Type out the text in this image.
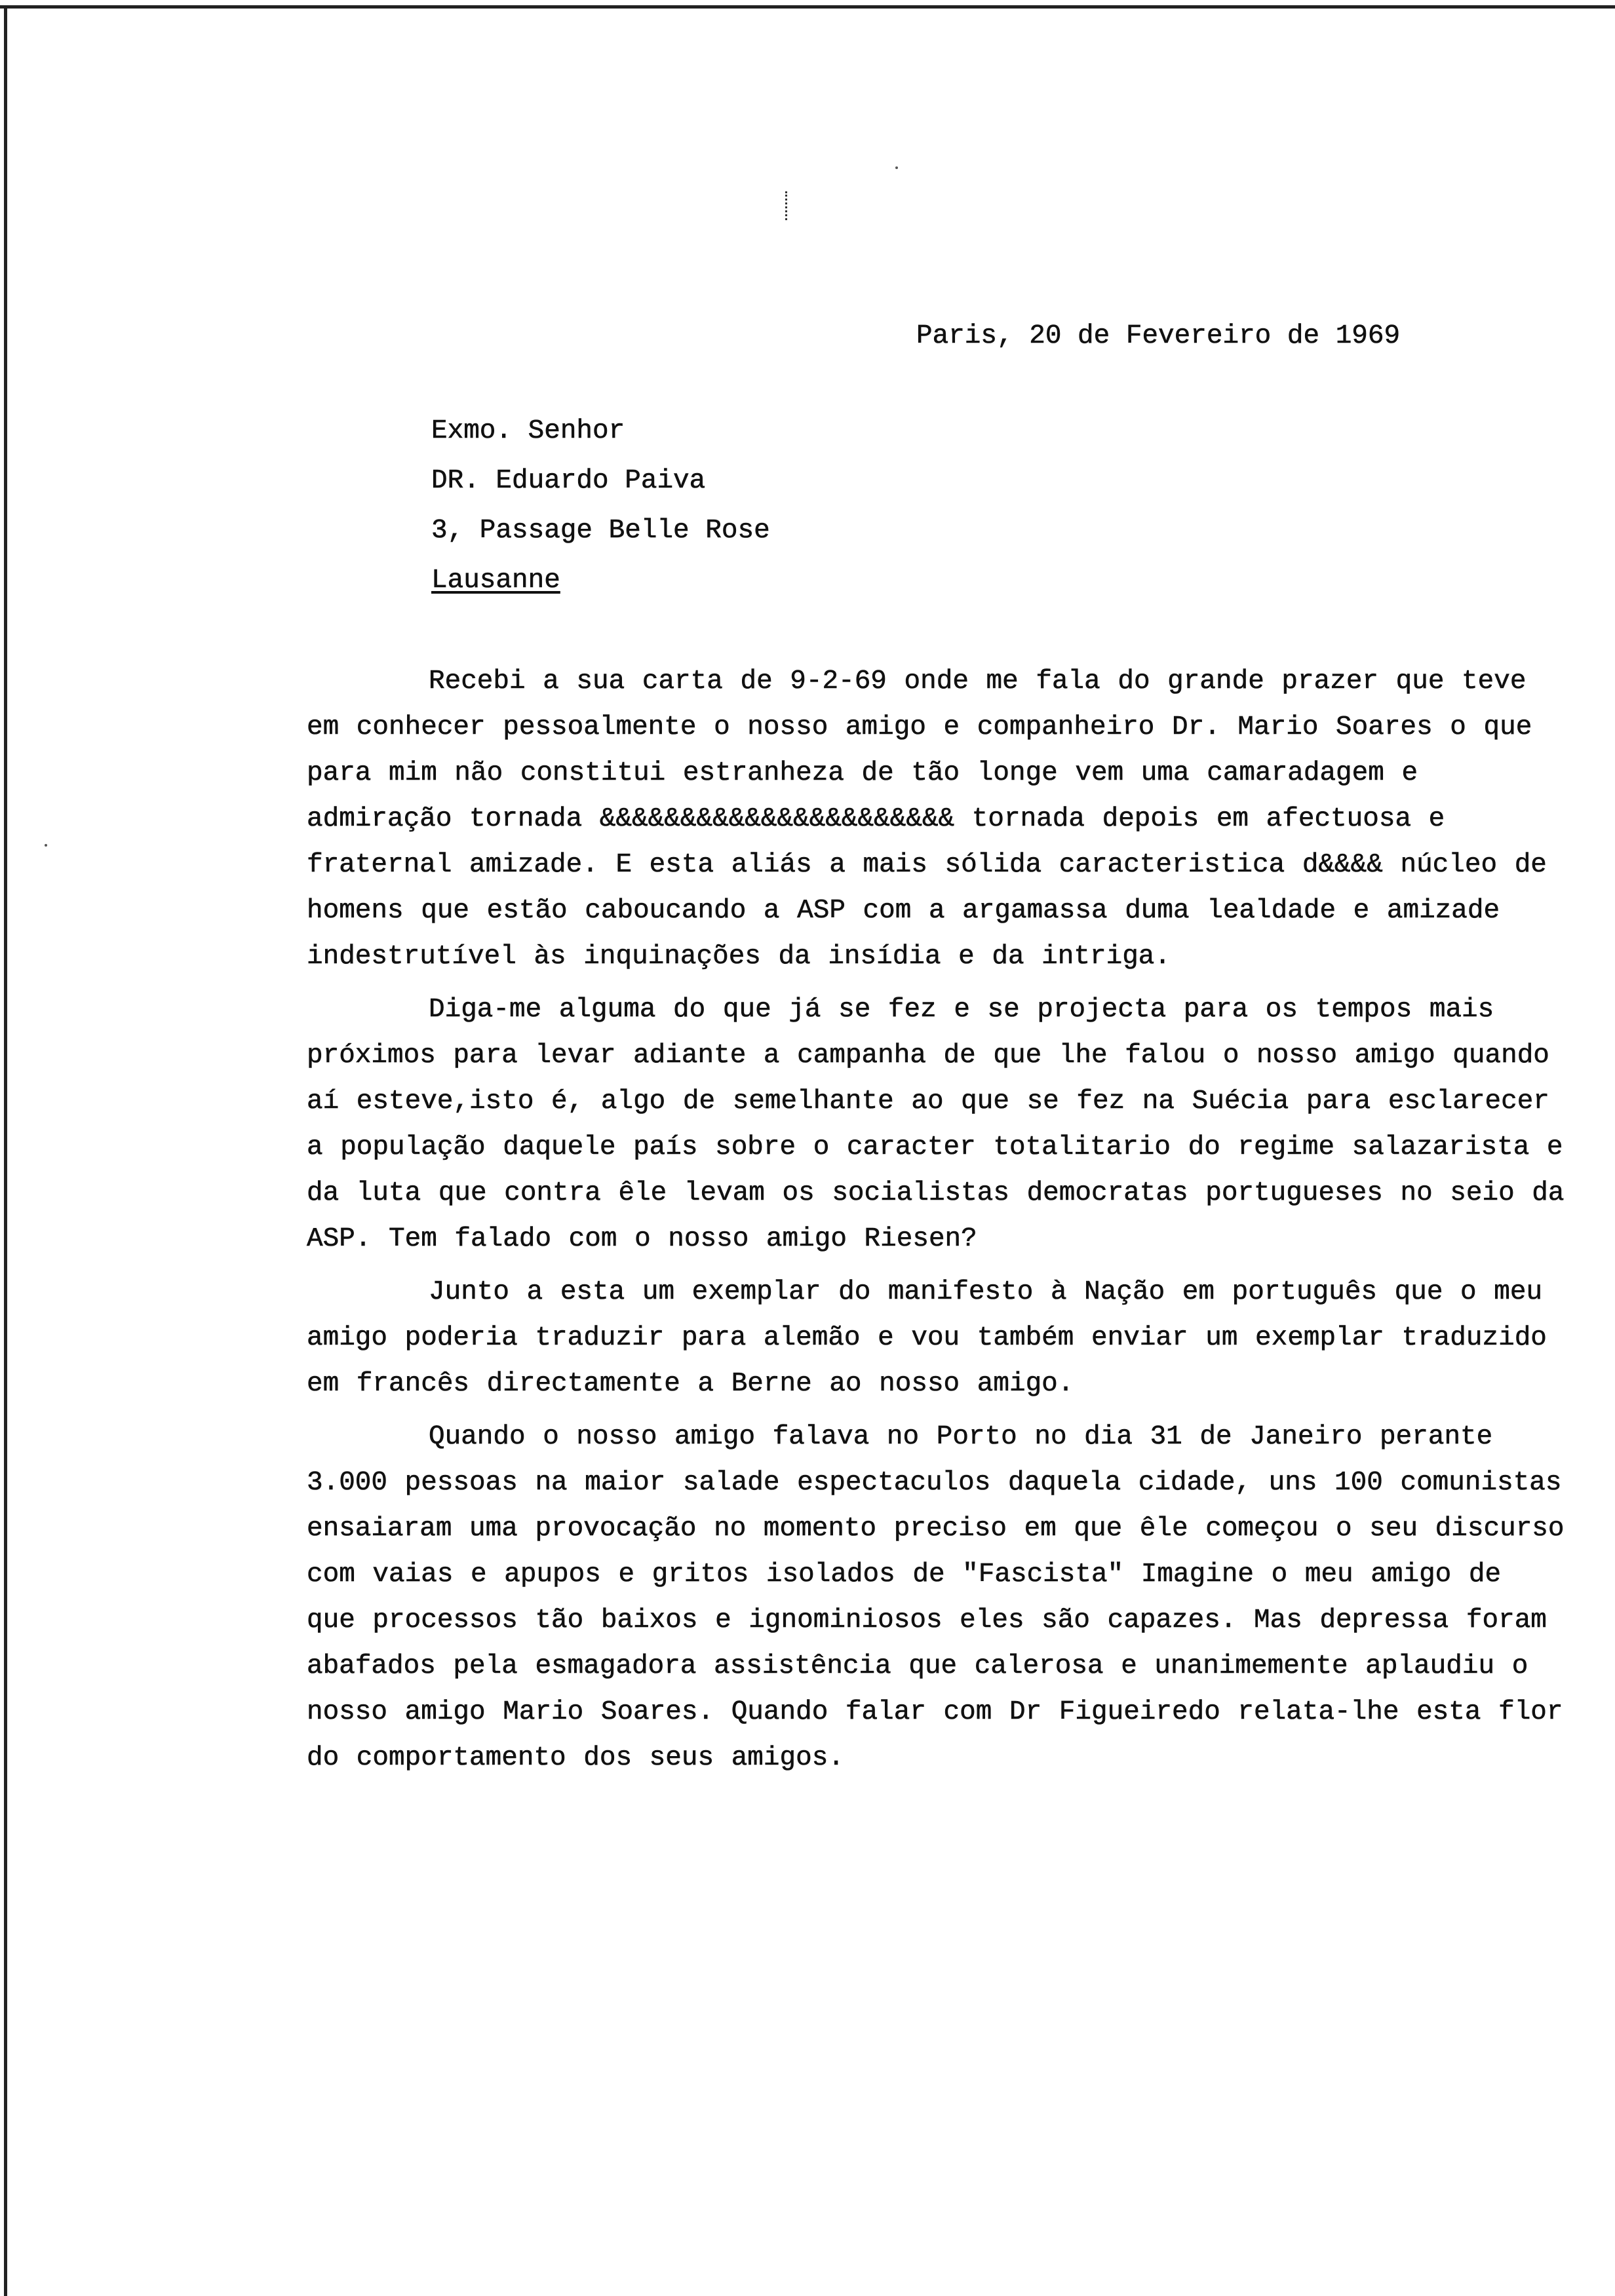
Paris, 20 de Fevereiro de 1969
Exmo. Senhor
DR. Eduardo Paiva
3, Passage Belle Rose
Lausanne

Recebi a sua carta de 9-2-69 onde me fala do grande prazer que teve em conhecer pessoalmente o nosso amigo e companheiro Dr. Mario Soares o que para mim não constitui estranheza de tão longe vem uma camaradagem e admiração tornada &&&&&&&&&&&&&&&&&&&&&& tornada depois em afectuosa e fraternal amizade. E esta aliás a mais sólida caracteristica d&&&& núcleo de homens que estão caboucando a ASP com a argamassa duma lealdade e amizade indestrutível às inquinações da insídia e da intriga.

Diga-me alguma do que já se fez e se projecta para os tempos mais próximos para levar adiante a campanha de que lhe falou o nosso amigo quando aí esteve,isto é, algo de semelhante ao que se fez na Suécia para esclarecer a população daquele país sobre o caracter totalitario do regime salazarista e da luta que contra êle levam os socialistas democratas portugueses no seio da ASP. Tem falado com o nosso amigo Riesen?

Junto a esta um exemplar do manifesto à Nação em português que o meu amigo poderia traduzir para alemão e vou também enviar um exemplar traduzido em francês directamente a Berne ao nosso amigo.

Quando o nosso amigo falava no Porto no dia 31 de Janeiro perante 3.000 pessoas na maior salade espectaculos daquela cidade, uns 100 comunistas ensaiaram uma provocação no momento preciso em que êle começou o seu discurso com vaias e apupos e gritos isolados de "Fascista" Imagine o meu amigo de que processos tão baixos e ignominiosos eles são capazes. Mas depressa foram abafados pela esmagadora assistência que calerosa e unanimemente aplaudiu o nosso amigo Mario Soares. Quando falar com Dr Figueiredo relata-lhe esta flor do comportamento dos seus amigos.
